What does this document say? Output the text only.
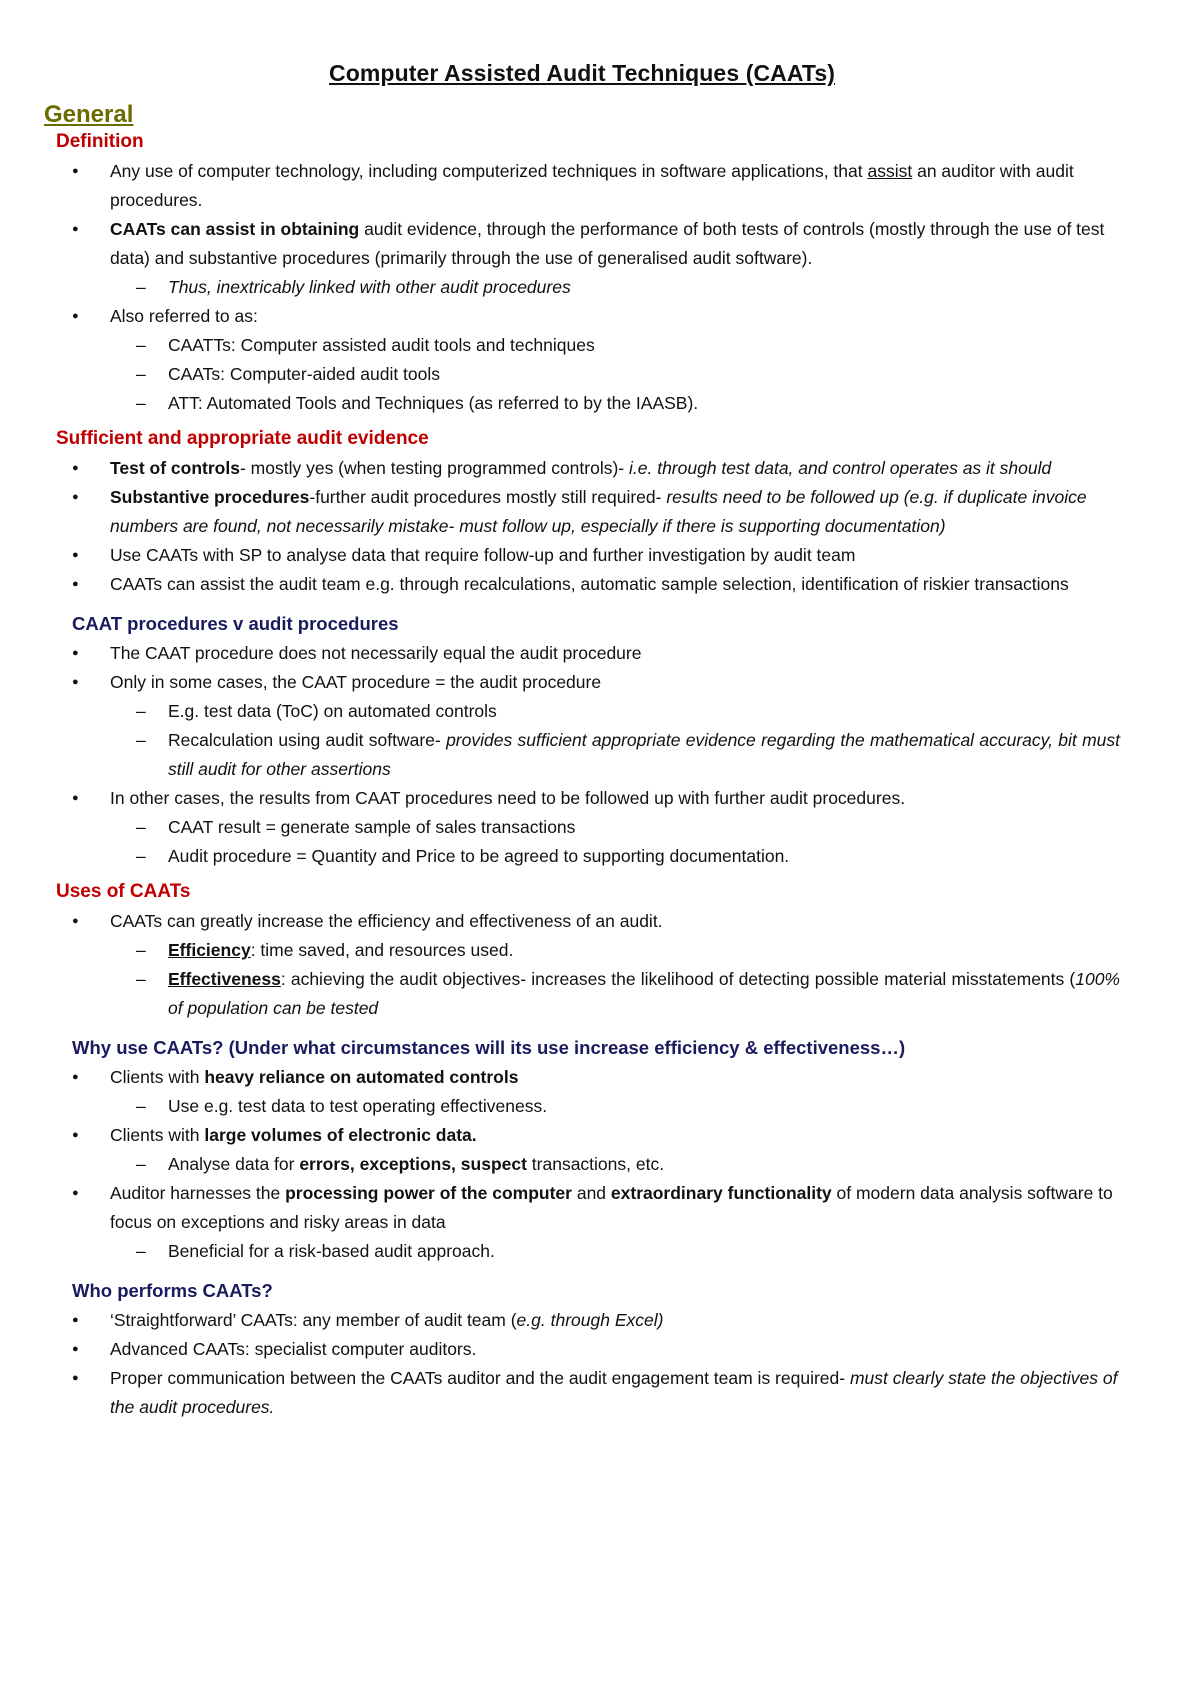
Computer Assisted Audit Techniques (CAATs)
General
Definition
● Any use of computer technology, including computerized techniques in software applications, that assist an auditor with audit procedures.
● CAATs can assist in obtaining audit evidence, through the performance of both tests of controls (mostly through the use of test data) and substantive procedures (primarily through the use of generalised audit software).
– Thus, inextricably linked with other audit procedures
● Also referred to as:
– CAATTs: Computer assisted audit tools and techniques
– CAATs: Computer-aided audit tools
– ATT: Automated Tools and Techniques (as referred to by the IAASB).
Sufficient and appropriate audit evidence
● Test of controls- mostly yes (when testing programmed controls)- i.e. through test data, and control operates as it should
● Substantive procedures-further audit procedures mostly still required- results need to be followed up (e.g. if duplicate invoice numbers are found, not necessarily mistake- must follow up, especially if there is supporting documentation)
● Use CAATs with SP to analyse data that require follow-up and further investigation by audit team
● CAATs can assist the audit team e.g. through recalculations, automatic sample selection, identification of riskier transactions
CAAT procedures v audit procedures
● The CAAT procedure does not necessarily equal the audit procedure
● Only in some cases, the CAAT procedure = the audit procedure
– E.g. test data (ToC) on automated controls
– Recalculation using audit software- provides sufficient appropriate evidence regarding the mathematical accuracy, bit must still audit for other assertions
● In other cases, the results from CAAT procedures need to be followed up with further audit procedures.
– CAAT result = generate sample of sales transactions
– Audit procedure = Quantity and Price to be agreed to supporting documentation.
Uses of CAATs
● CAATs can greatly increase the efficiency and effectiveness of an audit.
– Efficiency: time saved, and resources used.
– Effectiveness: achieving the audit objectives- increases the likelihood of detecting possible material misstatements (100% of population can be tested
Why use CAATs? (Under what circumstances will its use increase efficiency & effectiveness…)
● Clients with heavy reliance on automated controls
– Use e.g. test data to test operating effectiveness.
● Clients with large volumes of electronic data.
– Analyse data for errors, exceptions, suspect transactions, etc.
● Auditor harnesses the processing power of the computer and extraordinary functionality of modern data analysis software to focus on exceptions and risky areas in data
– Beneficial for a risk-based audit approach.
Who performs CAATs?
● ‘Straightforward’ CAATs: any member of audit team (e.g. through Excel)
● Advanced CAATs: specialist computer auditors.
● Proper communication between the CAATs auditor and the audit engagement team is required- must clearly state the objectives of the audit procedures.
